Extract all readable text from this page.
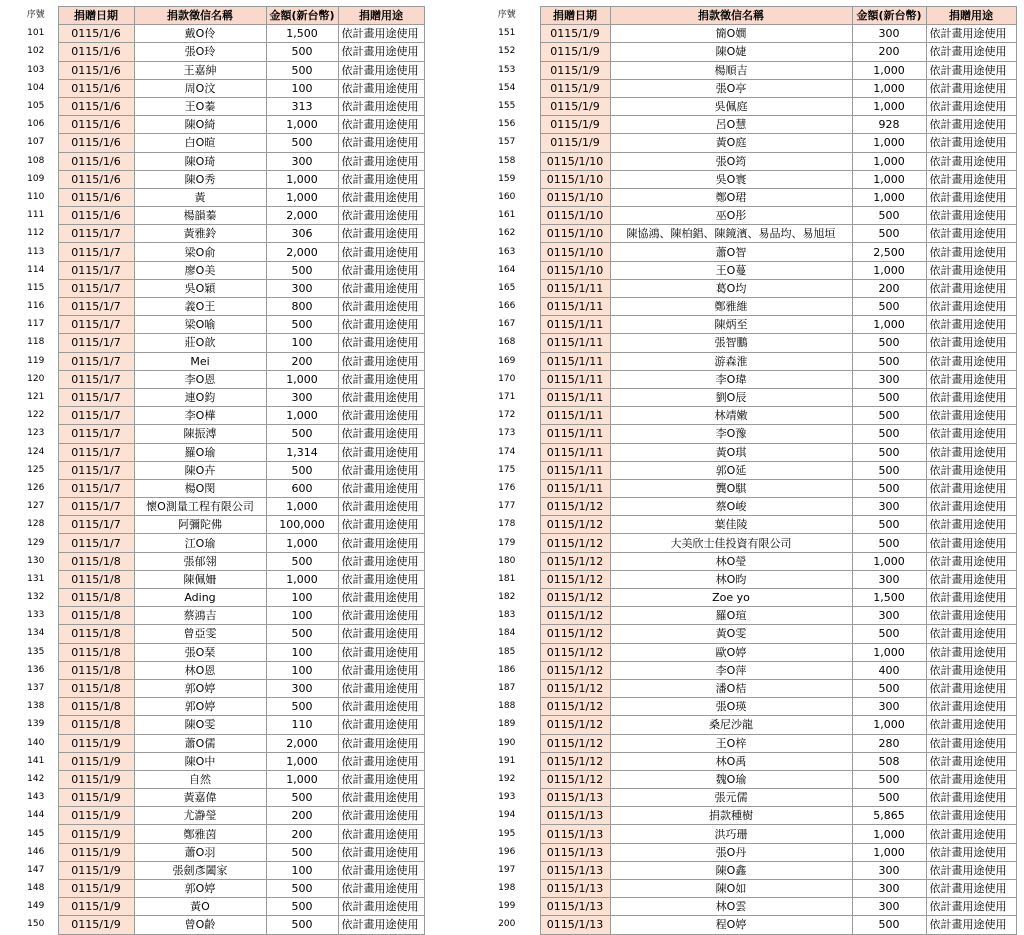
序號	捐贈日期	捐款徵信名稱	金額(新台幣)	捐贈用途
101	0115/1/6	戴O伶	1,500	依計畫用途使用
102	0115/1/6	張O玲	500	依計畫用途使用
103	0115/1/6	王嘉紳	500	依計畫用途使用
104	0115/1/6	周O汶	100	依計畫用途使用
105	0115/1/6	王O蓁	313	依計畫用途使用
106	0115/1/6	陳O綺	1,000	依計畫用途使用
107	0115/1/6	白O暄	500	依計畫用途使用
108	0115/1/6	陳O琦	300	依計畫用途使用
109	0115/1/6	陳O秀	1,000	依計畫用途使用
110	0115/1/6	黃	1,000	依計畫用途使用
111	0115/1/6	楊韻蓁	2,000	依計畫用途使用
112	0115/1/7	黃雅鈴	306	依計畫用途使用
113	0115/1/7	梁O俞	2,000	依計畫用途使用
114	0115/1/7	廖O美	500	依計畫用途使用
115	0115/1/7	吳O穎	300	依計畫用途使用
116	0115/1/7	義O王	800	依計畫用途使用
117	0115/1/7	梁O喻	500	依計畫用途使用
118	0115/1/7	莊O歆	100	依計畫用途使用
119	0115/1/7	Mei	200	依計畫用途使用
120	0115/1/7	李O恩	1,000	依計畫用途使用
121	0115/1/7	連O鈞	300	依計畫用途使用
122	0115/1/7	李O樺	1,000	依計畫用途使用
123	0115/1/7	陳振溥	500	依計畫用途使用
124	0115/1/7	羅O瑜	1,314	依計畫用途使用
125	0115/1/7	陳O卉	500	依計畫用途使用
126	0115/1/7	楊O閔	600	依計畫用途使用
127	0115/1/7	懷O測量工程有限公司	1,000	依計畫用途使用
128	0115/1/7	阿彌陀佛	100,000	依計畫用途使用
129	0115/1/7	江O瑜	1,000	依計畫用途使用
130	0115/1/8	張郁翎	500	依計畫用途使用
131	0115/1/8	陳佩姍	1,000	依計畫用途使用
132	0115/1/8	Ading	100	依計畫用途使用
133	0115/1/8	蔡鴻吉	100	依計畫用途使用
134	0115/1/8	曾亞雯	500	依計畫用途使用
135	0115/1/8	張O琹	100	依計畫用途使用
136	0115/1/8	林O恩	100	依計畫用途使用
137	0115/1/8	郭O婷	300	依計畫用途使用
138	0115/1/8	郭O婷	500	依計畫用途使用
139	0115/1/8	陳O雯	110	依計畫用途使用
140	0115/1/9	蕭O儒	2,000	依計畫用途使用
141	0115/1/9	陳O中	1,000	依計畫用途使用
142	0115/1/9	自然	1,000	依計畫用途使用
143	0115/1/9	黃嘉偉	500	依計畫用途使用
144	0115/1/9	尤瀞瑩	200	依計畫用途使用
145	0115/1/9	鄭雅茵	200	依計畫用途使用
146	0115/1/9	蕭O羽	500	依計畫用途使用
147	0115/1/9	張劍彥闔家	100	依計畫用途使用
148	0115/1/9	郭O婷	500	依計畫用途使用
149	0115/1/9	黃O	500	依計畫用途使用
150	0115/1/9	曾O齡	500	依計畫用途使用
序號	捐贈日期	捐款徵信名稱	金額(新台幣)	捐贈用途
151	0115/1/9	簡O嫺	300	依計畫用途使用
152	0115/1/9	陳O婕	200	依計畫用途使用
153	0115/1/9	楊順吉	1,000	依計畫用途使用
154	0115/1/9	張O亭	1,000	依計畫用途使用
155	0115/1/9	吳佩庭	1,000	依計畫用途使用
156	0115/1/9	呂O慧	928	依計畫用途使用
157	0115/1/9	黃O庭	1,000	依計畫用途使用
158	0115/1/10	張O筠	1,000	依計畫用途使用
159	0115/1/10	吳O寰	1,000	依計畫用途使用
160	0115/1/10	鄭O珺	1,000	依計畫用途使用
161	0115/1/10	巫O彤	500	依計畫用途使用
162	0115/1/10	陳協鴻、陳柏錩、陳鏡濱、易品均、易旭垣	500	依計畫用途使用
163	0115/1/10	蕭O智	2,500	依計畫用途使用
164	0115/1/10	王O蔓	1,000	依計畫用途使用
165	0115/1/11	葛O均	200	依計畫用途使用
166	0115/1/11	鄭雅維	500	依計畫用途使用
167	0115/1/11	陳炳至	1,000	依計畫用途使用
168	0115/1/11	張智鵬	500	依計畫用途使用
169	0115/1/11	游森淮	500	依計畫用途使用
170	0115/1/11	李O瑋	300	依計畫用途使用
171	0115/1/11	劉O辰	500	依計畫用途使用
172	0115/1/11	林靖嫩	500	依計畫用途使用
173	0115/1/11	李O豫	500	依計畫用途使用
174	0115/1/11	黃O琪	500	依計畫用途使用
175	0115/1/11	郭O延	500	依計畫用途使用
176	0115/1/11	龔O騏	500	依計畫用途使用
177	0115/1/12	蔡O峻	300	依計畫用途使用
178	0115/1/12	葉佳陵	500	依計畫用途使用
179	0115/1/12	大美欣士佳投資有限公司	500	依計畫用途使用
180	0115/1/12	林O瑩	1,000	依計畫用途使用
181	0115/1/12	林O昀	300	依計畫用途使用
182	0115/1/12	Zoe yo	1,500	依計畫用途使用
183	0115/1/12	羅O瑄	300	依計畫用途使用
184	0115/1/12	黃O雯	500	依計畫用途使用
185	0115/1/12	歐O婷	1,000	依計畫用途使用
186	0115/1/12	李O萍	400	依計畫用途使用
187	0115/1/12	潘O桔	500	依計畫用途使用
188	0115/1/12	張O瑛	300	依計畫用途使用
189	0115/1/12	桑尼沙龍	1,000	依計畫用途使用
190	0115/1/12	王O梓	280	依計畫用途使用
191	0115/1/12	林O禹	508	依計畫用途使用
192	0115/1/12	魏O瑜	500	依計畫用途使用
193	0115/1/13	張元儒	500	依計畫用途使用
194	0115/1/13	捐款種樹	5,865	依計畫用途使用
195	0115/1/13	洪巧珊	1,000	依計畫用途使用
196	0115/1/13	張O丹	1,000	依計畫用途使用
197	0115/1/13	陳O鑫	300	依計畫用途使用
198	0115/1/13	陳O如	300	依計畫用途使用
199	0115/1/13	林O雲	300	依計畫用途使用
200	0115/1/13	程O婷	500	依計畫用途使用
